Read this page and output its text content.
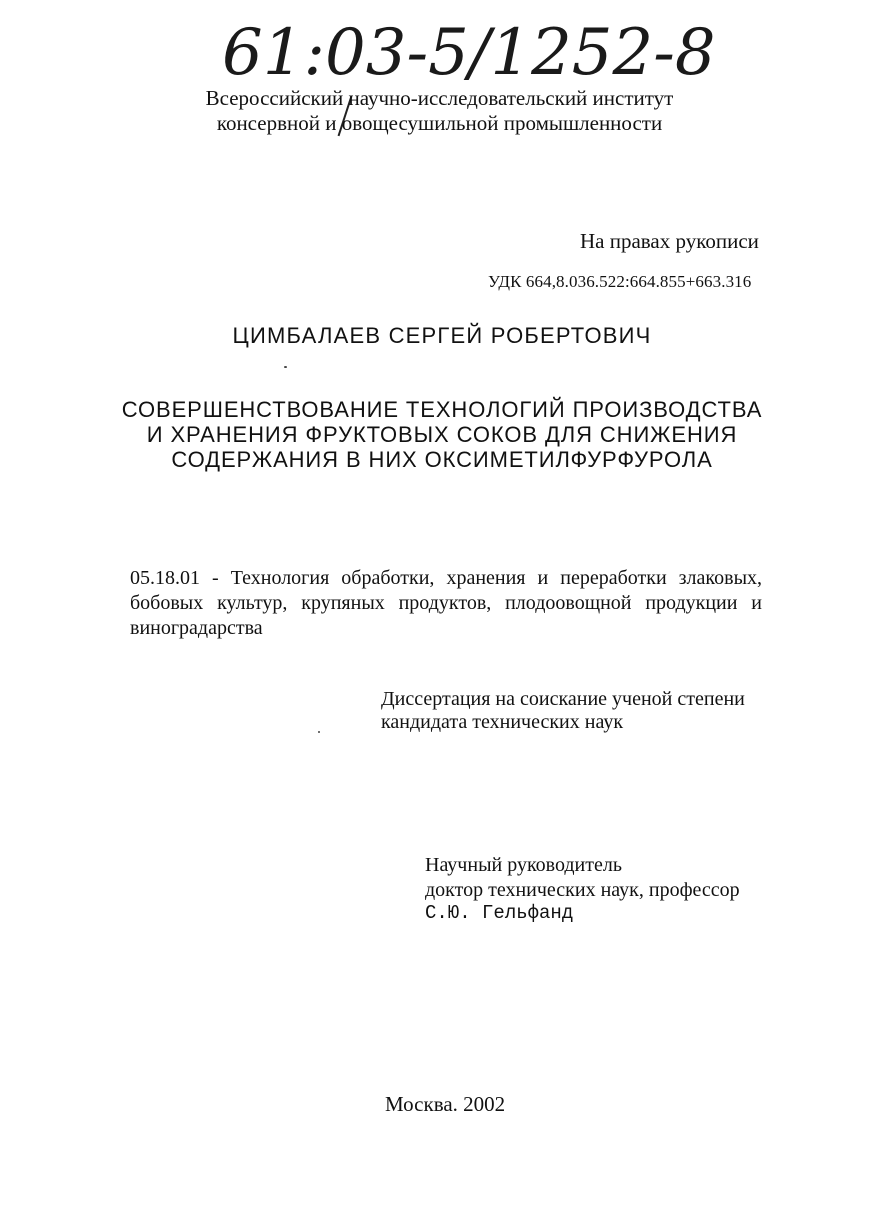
61:03-5/1252-8
Всероссийский научно-исследовательский институт
консервной и овощесушильной промышленности
На правах рукописи
УДК 664,8.036.522:664.855+663.316
ЦИМБАЛАЕВ СЕРГЕЙ РОБЕРТОВИЧ
СОВЕРШЕНСТВОВАНИЕ ТЕХНОЛОГИЙ ПРОИЗВОДСТВА
И ХРАНЕНИЯ ФРУКТОВЫХ СОКОВ ДЛЯ СНИЖЕНИЯ
СОДЕРЖАНИЯ В НИХ ОКСИМЕТИЛФУРФУРОЛА
05.18.01 - Технология обработки, хранения и переработки злаковых,
бобовых культур, крупяных продуктов, плодоовощной продукции и
виноградарства
Диссертация на соискание ученой степени
кандидата технических наук
Научный руководитель
доктор технических наук, профессор
С.Ю. Гельфанд
Москва. 2002
